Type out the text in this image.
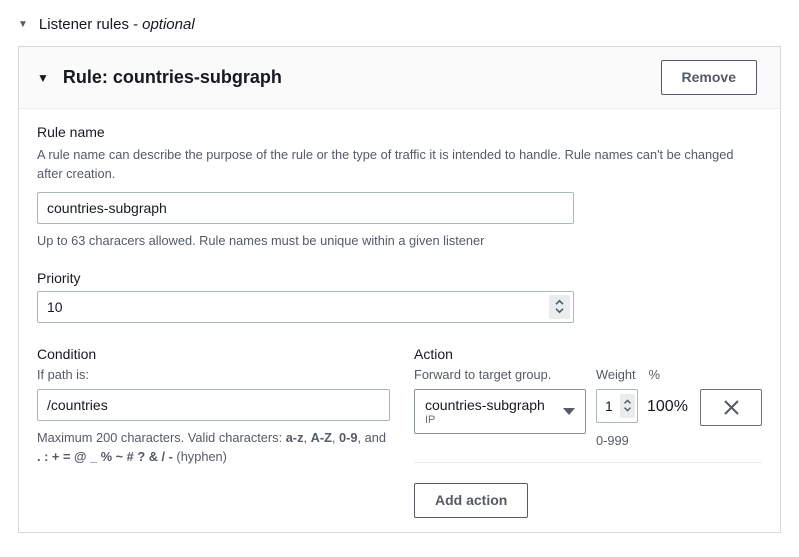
▼ Listener rules - optional
▼ Rule: countries-subgraph	Remove
Rule name
A rule name can describe the purpose of the rule or the type of traffic it is intended to handle. Rule names can't be changed after creation.
countries-subgraph
Up to 63 characers allowed. Rule names must be unique within a given listener
Priority
10
Condition
If path is:
/countries
Maximum 200 characters. Valid characters: a-z, A-Z, 0-9, and . : + = @ _ % ~ # ? & / - (hyphen)
Action
Forward to target group.	Weight %
countries-subgraph
IP
1
0-999
100%
Add action
